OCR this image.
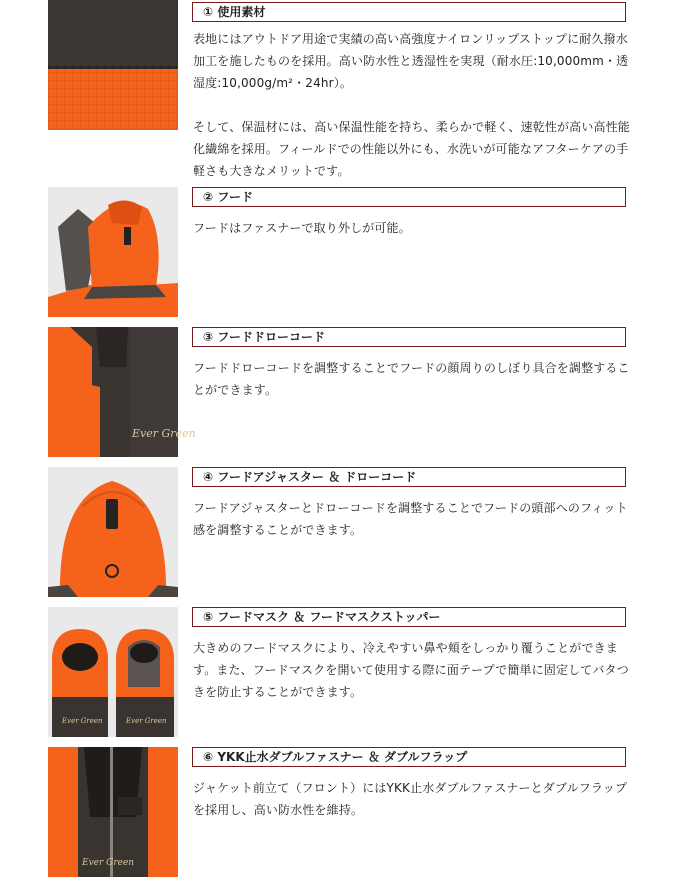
① 使用素材

表地にはアウトドア用途で実績の高い高強度ナイロンリップストップに耐久撥水加工を施したものを採用。高い防水性と透湿性を実現（耐水圧:10,000mm・透湿度:10,000g/m²・24hr）。

そして、保温材には、高い保温性能を持ち、柔らかで軽く、速乾性が高い高性能化繊綿を採用。フィールドでの性能以外にも、水洗いが可能なアフターケアの手軽さも大きなメリットです。

② フード

フードはファスナーで取り外しが可能。

Ever Green
③ フードドローコード

フードドローコードを調整することでフードの顔周りのしぼり具合を調整することができます。

④ フードアジャスター ＆ ドローコード

フードアジャスターとドローコードを調整することでフードの頭部へのフィット感を調整することができます。

Ever Green	Ever Green
⑤ フードマスク ＆ フードマスクストッパー

大きめのフードマスクにより、冷えやすい鼻や頬をしっかり覆うことができます。また、フードマスクを開いて使用する際に面テープで簡単に固定してバタつきを防止することができます。

Ever Green
⑥ YKK止水ダブルファスナー ＆ ダブルフラップ

ジャケット前立て（フロント）にはYKK止水ダブルファスナーとダブルフラップを採用し、高い防水性を維持。
